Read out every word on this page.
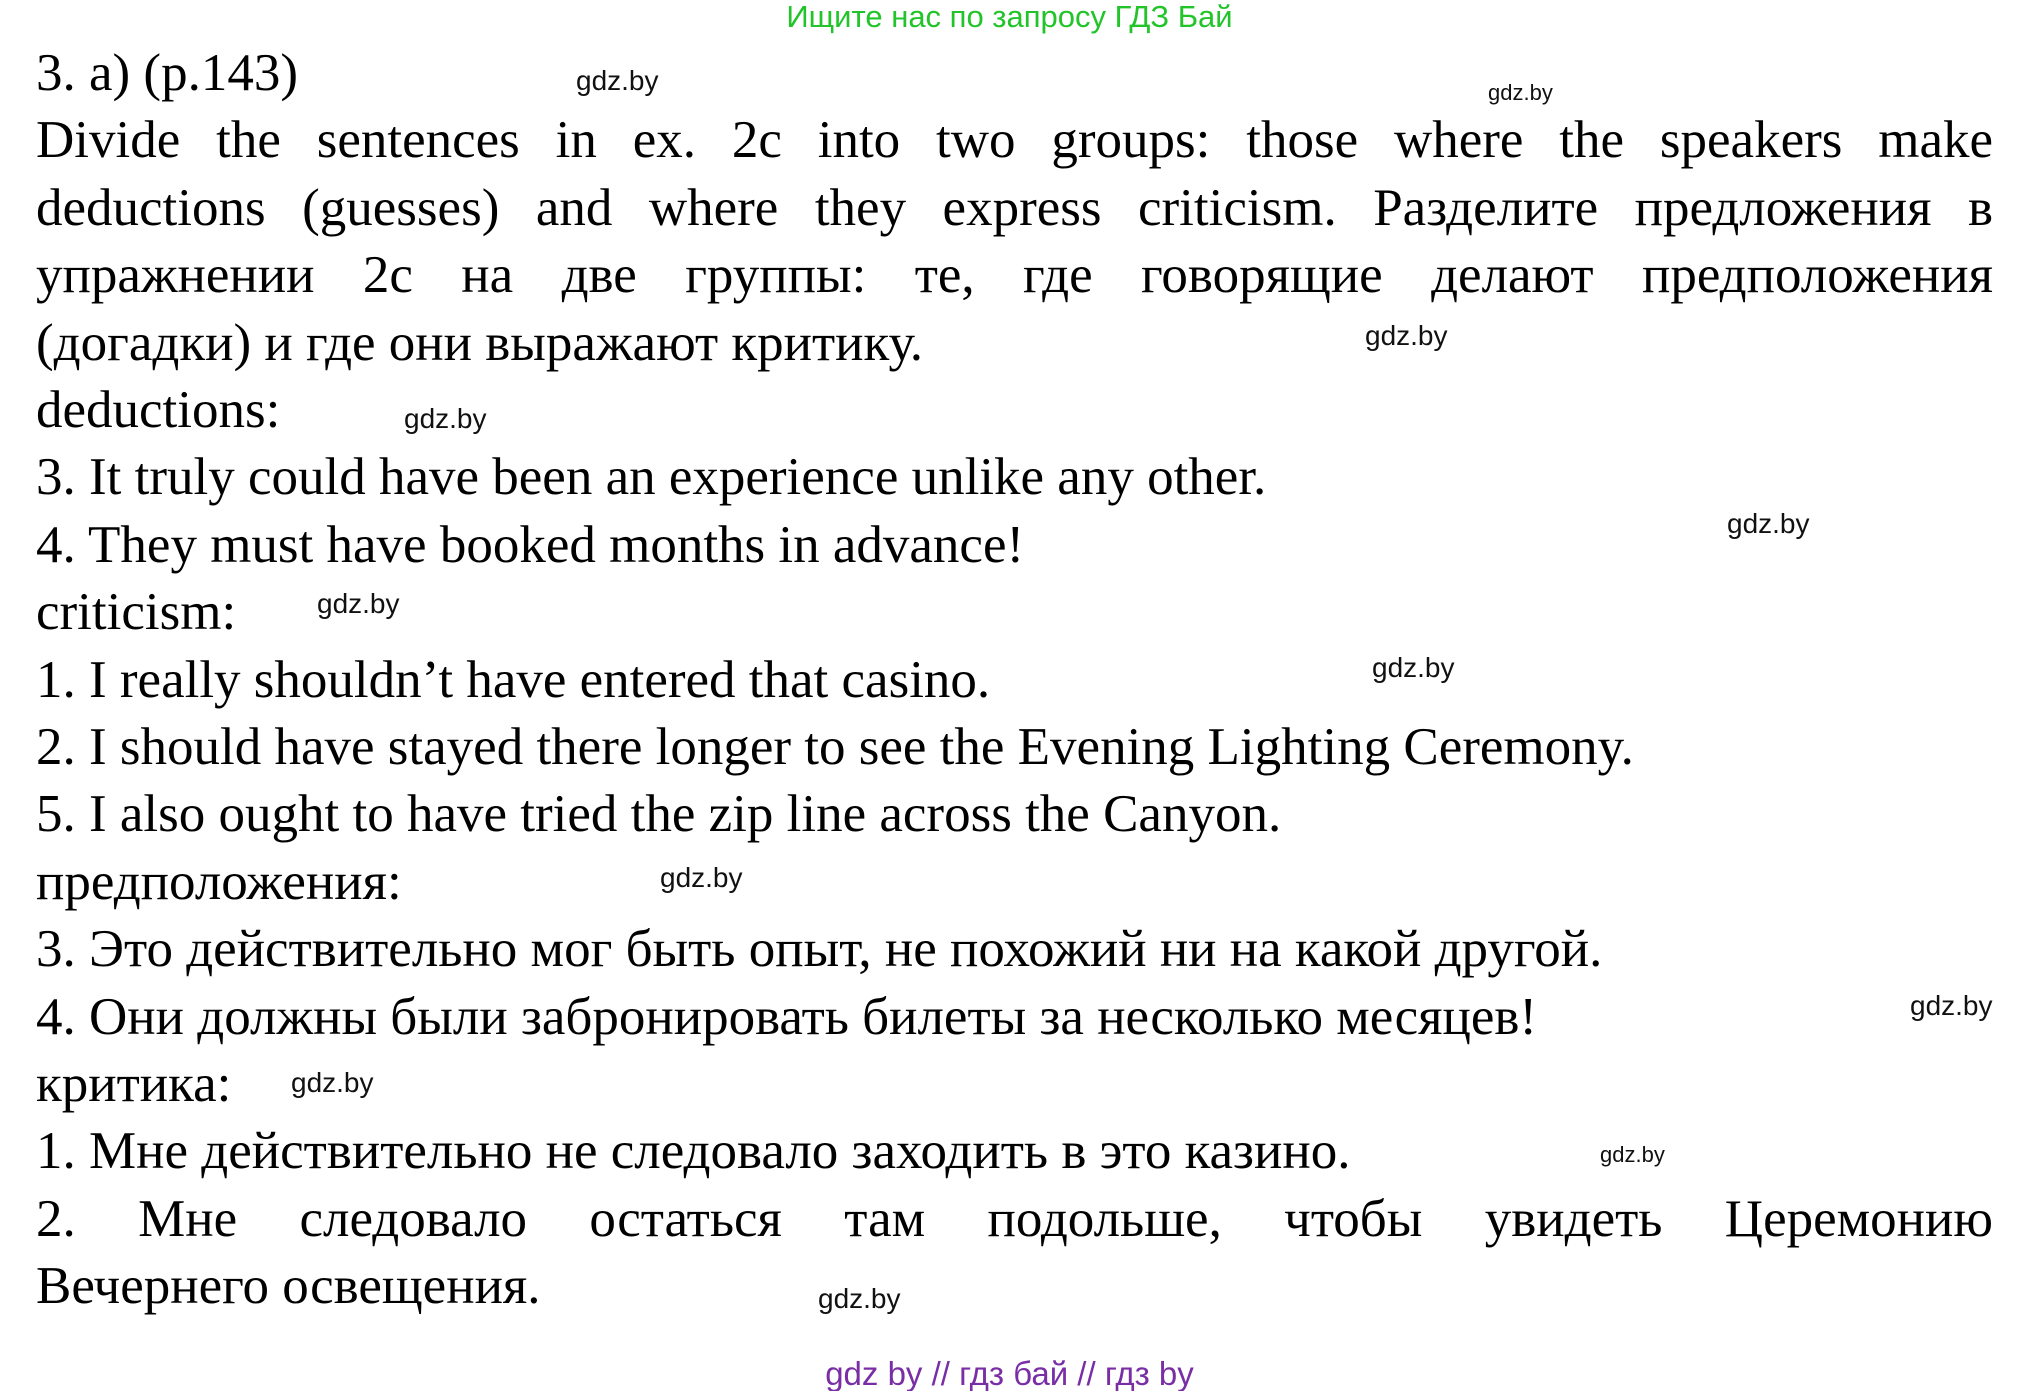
Ищите нас по запросу ГДЗ Бай
3. a) (p.143)
Divide the sentences in ex. 2c into two groups: those where the speakers make
deductions (guesses) and where they express criticism. Разделите предложения в
упражнении 2c на две группы: те, где говорящие делают предположения
(догадки) и где они выражают критику.
deductions:
3. It truly could have been an experience unlike any other.
4. They must have booked months in advance!
criticism:
1. I really shouldn’t have entered that casino.
2. I should have stayed there longer to see the Evening Lighting Ceremony.
5. I also ought to have tried the zip line across the Canyon.
предположения:
3. Это действительно мог быть опыт, не похожий ни на какой другой.
4. Они должны были забронировать билеты за несколько месяцев!
критика:
1. Мне действительно не следовало заходить в это казино.
2. Мне следовало остаться там подольше, чтобы увидеть Церемонию
Вечернего освещения.
gdz.by	gdz.by
gdz.by
gdz.by
gdz.by
gdz.by
gdz.by
gdz.by
gdz.by
gdz.by
gdz.by
gdz.by
gdz by // гдз бай // гдз by
